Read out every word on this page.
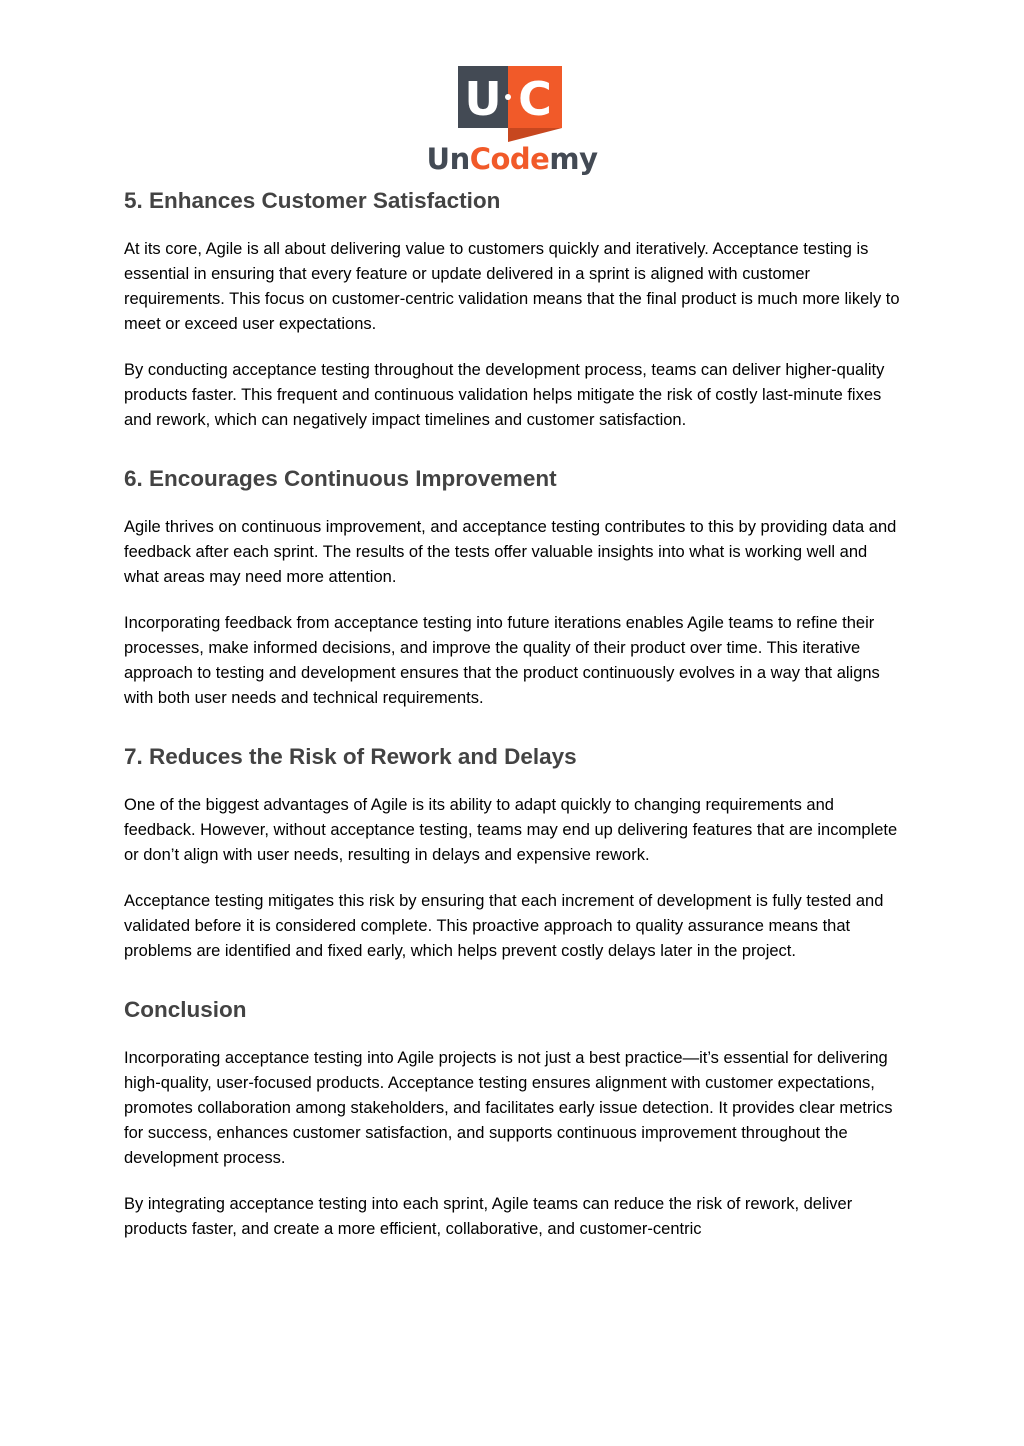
U C
UnCodemy
5. Enhances Customer Satisfaction

At its core, Agile is all about delivering value to customers quickly and iteratively. Acceptance testing is essential in ensuring that every feature or update delivered in a sprint is aligned with customer requirements. This focus on customer-centric validation means that the final product is much more likely to meet or exceed user expectations.

By conducting acceptance testing throughout the development process, teams can deliver higher-quality products faster. This frequent and continuous validation helps mitigate the risk of costly last-minute fixes and rework, which can negatively impact timelines and customer satisfaction.

6. Encourages Continuous Improvement

Agile thrives on continuous improvement, and acceptance testing contributes to this by providing data and feedback after each sprint. The results of the tests offer valuable insights into what is working well and what areas may need more attention.

Incorporating feedback from acceptance testing into future iterations enables Agile teams to refine their processes, make informed decisions, and improve the quality of their product over time. This iterative approach to testing and development ensures that the product continuously evolves in a way that aligns with both user needs and technical requirements.

7. Reduces the Risk of Rework and Delays

One of the biggest advantages of Agile is its ability to adapt quickly to changing requirements and feedback. However, without acceptance testing, teams may end up delivering features that are incomplete or don’t align with user needs, resulting in delays and expensive rework.

Acceptance testing mitigates this risk by ensuring that each increment of development is fully tested and validated before it is considered complete. This proactive approach to quality assurance means that problems are identified and fixed early, which helps prevent costly delays later in the project.

Conclusion

Incorporating acceptance testing into Agile projects is not just a best practice—it’s essential for delivering high-quality, user-focused products. Acceptance testing ensures alignment with customer expectations, promotes collaboration among stakeholders, and facilitates early issue detection. It provides clear metrics for success, enhances customer satisfaction, and supports continuous improvement throughout the development process.

By integrating acceptance testing into each sprint, Agile teams can reduce the risk of rework, deliver products faster, and create a more efficient, collaborative, and customer-centric
